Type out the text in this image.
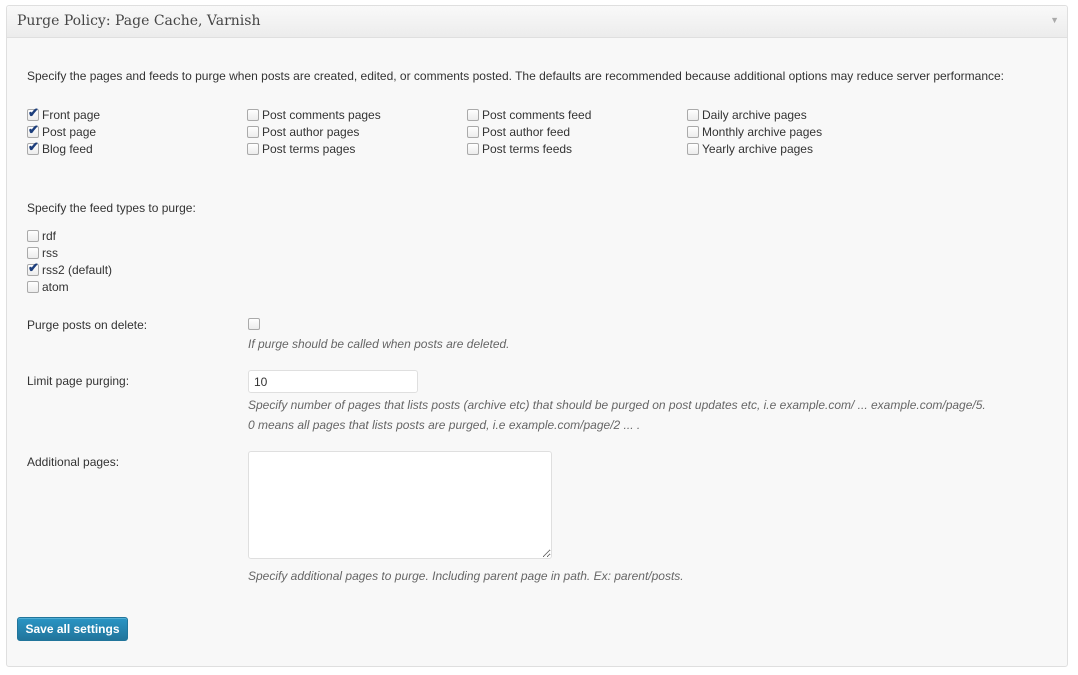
Purge Policy: Page Cache, Varnish	▼
Specify the pages and feeds to purge when posts are created, edited, or comments posted. The defaults are recommended because additional options may reduce server performance:
✔ Front page
✔ Post page
✔ Blog feed
Post comments pages
Post author pages
Post terms pages
Post comments feed
Post author feed
Post terms feeds
Daily archive pages
Monthly archive pages
Yearly archive pages
Specify the feed types to purge:
rdf
rss
✔ rss2 (default)
atom
Purge posts on delete:
If purge should be called when posts are deleted.
Limit page purging:
10
Specify number of pages that lists posts (archive etc) that should be purged on post updates etc, i.e example.com/ ... example.com/page/5.
0 means all pages that lists posts are purged, i.e example.com/page/2 ... .
Additional pages:
Specify additional pages to purge. Including parent page in path. Ex: parent/posts.
Save all settings
